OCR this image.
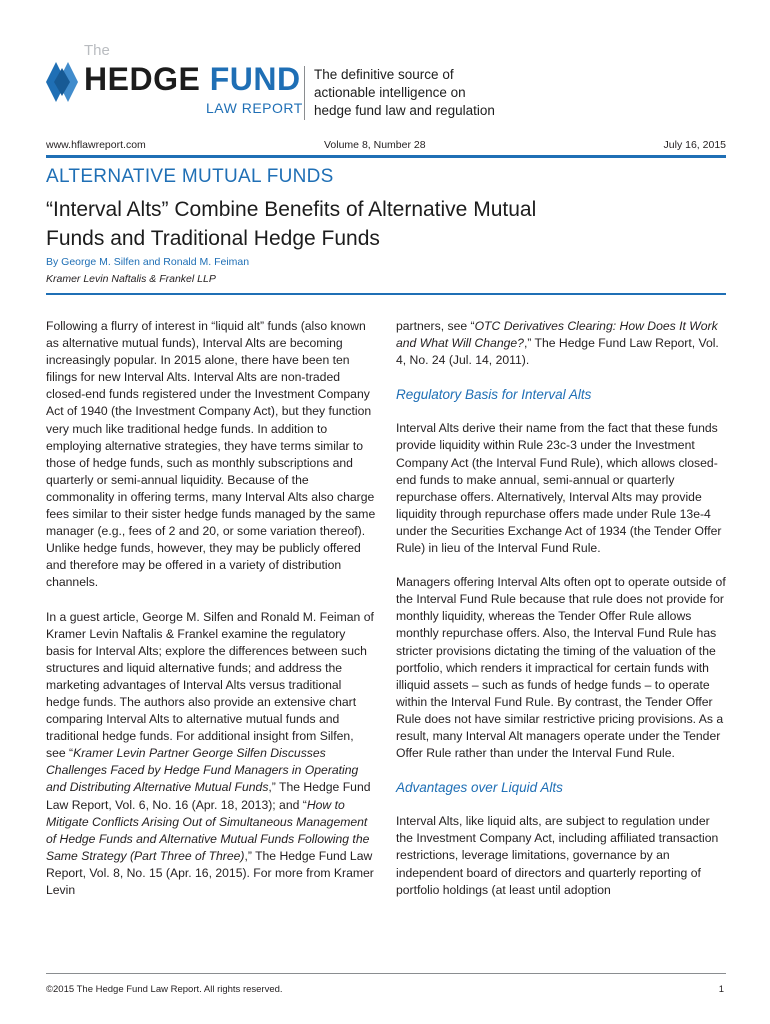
The
HEDGE FUND
LAW REPORT
The definitive source of
actionable intelligence on
hedge fund law and regulation
www.hflawreport.com	Volume 8, Number 28	July 16, 2015
ALTERNATIVE MUTUAL FUNDS
“Interval Alts” Combine Benefits of Alternative Mutual
Funds and Traditional Hedge Funds
By George M. Silfen and Ronald M. Feiman
Kramer Levin Naftalis & Frankel LLP

Following a flurry of interest in “liquid alt” funds (also known as alternative mutual funds), Interval Alts are becoming increasingly popular. In 2015 alone, there have been ten filings for new Interval Alts. Interval Alts are non-traded closed-end funds registered under the Investment Company Act of 1940 (the Investment Company Act), but they function very much like traditional hedge funds. In addition to employing alternative strategies, they have terms similar to those of hedge funds, such as monthly subscriptions and quarterly or semi-annual liquidity. Because of the commonality in offering terms, many Interval Alts also charge fees similar to their sister hedge funds managed by the same manager (e.g., fees of 2 and 20, or some variation thereof). Unlike hedge funds, however, they may be publicly offered and therefore may be offered in a variety of distribution channels.

In a guest article, George M. Silfen and Ronald M. Feiman of Kramer Levin Naftalis & Frankel examine the regulatory basis for Interval Alts; explore the differences between such structures and liquid alternative funds; and address the marketing advantages of Interval Alts versus traditional hedge funds. The authors also provide an extensive chart comparing Interval Alts to alternative mutual funds and traditional hedge funds. For additional insight from Silfen, see “Kramer Levin Partner George Silfen Discusses Challenges Faced by Hedge Fund Managers in Operating and Distributing Alternative Mutual Funds,” The Hedge Fund Law Report, Vol. 6, No. 16 (Apr. 18, 2013); and “How to Mitigate Conflicts Arising Out of Simultaneous Management of Hedge Funds and Alternative Mutual Funds Following the Same Strategy (Part Three of Three),” The Hedge Fund Law Report, Vol. 8, No. 15 (Apr. 16, 2015). For more from Kramer Levin

partners, see “OTC Derivatives Clearing: How Does It Work and What Will Change?,” The Hedge Fund Law Report, Vol. 4, No. 24 (Jul. 14, 2011).

Regulatory Basis for Interval Alts

Interval Alts derive their name from the fact that these funds provide liquidity within Rule 23c-3 under the Investment Company Act (the Interval Fund Rule), which allows closed-end funds to make annual, semi-annual or quarterly repurchase offers. Alternatively, Interval Alts may provide liquidity through repurchase offers made under Rule 13e-4 under the Securities Exchange Act of 1934 (the Tender Offer Rule) in lieu of the Interval Fund Rule.

Managers offering Interval Alts often opt to operate outside of the Interval Fund Rule because that rule does not provide for monthly liquidity, whereas the Tender Offer Rule allows monthly repurchase offers. Also, the Interval Fund Rule has stricter provisions dictating the timing of the valuation of the portfolio, which renders it impractical for certain funds with illiquid assets – such as funds of hedge funds – to operate within the Interval Fund Rule. By contrast, the Tender Offer Rule does not have similar restrictive pricing provisions. As a result, many Interval Alt managers operate under the Tender Offer Rule rather than under the Interval Fund Rule.

Advantages over Liquid Alts

Interval Alts, like liquid alts, are subject to regulation under the Investment Company Act, including affiliated transaction restrictions, leverage limitations, governance by an independent board of directors and quarterly reporting of portfolio holdings (at least until adoption

©2015 The Hedge Fund Law Report. All rights reserved.	1
